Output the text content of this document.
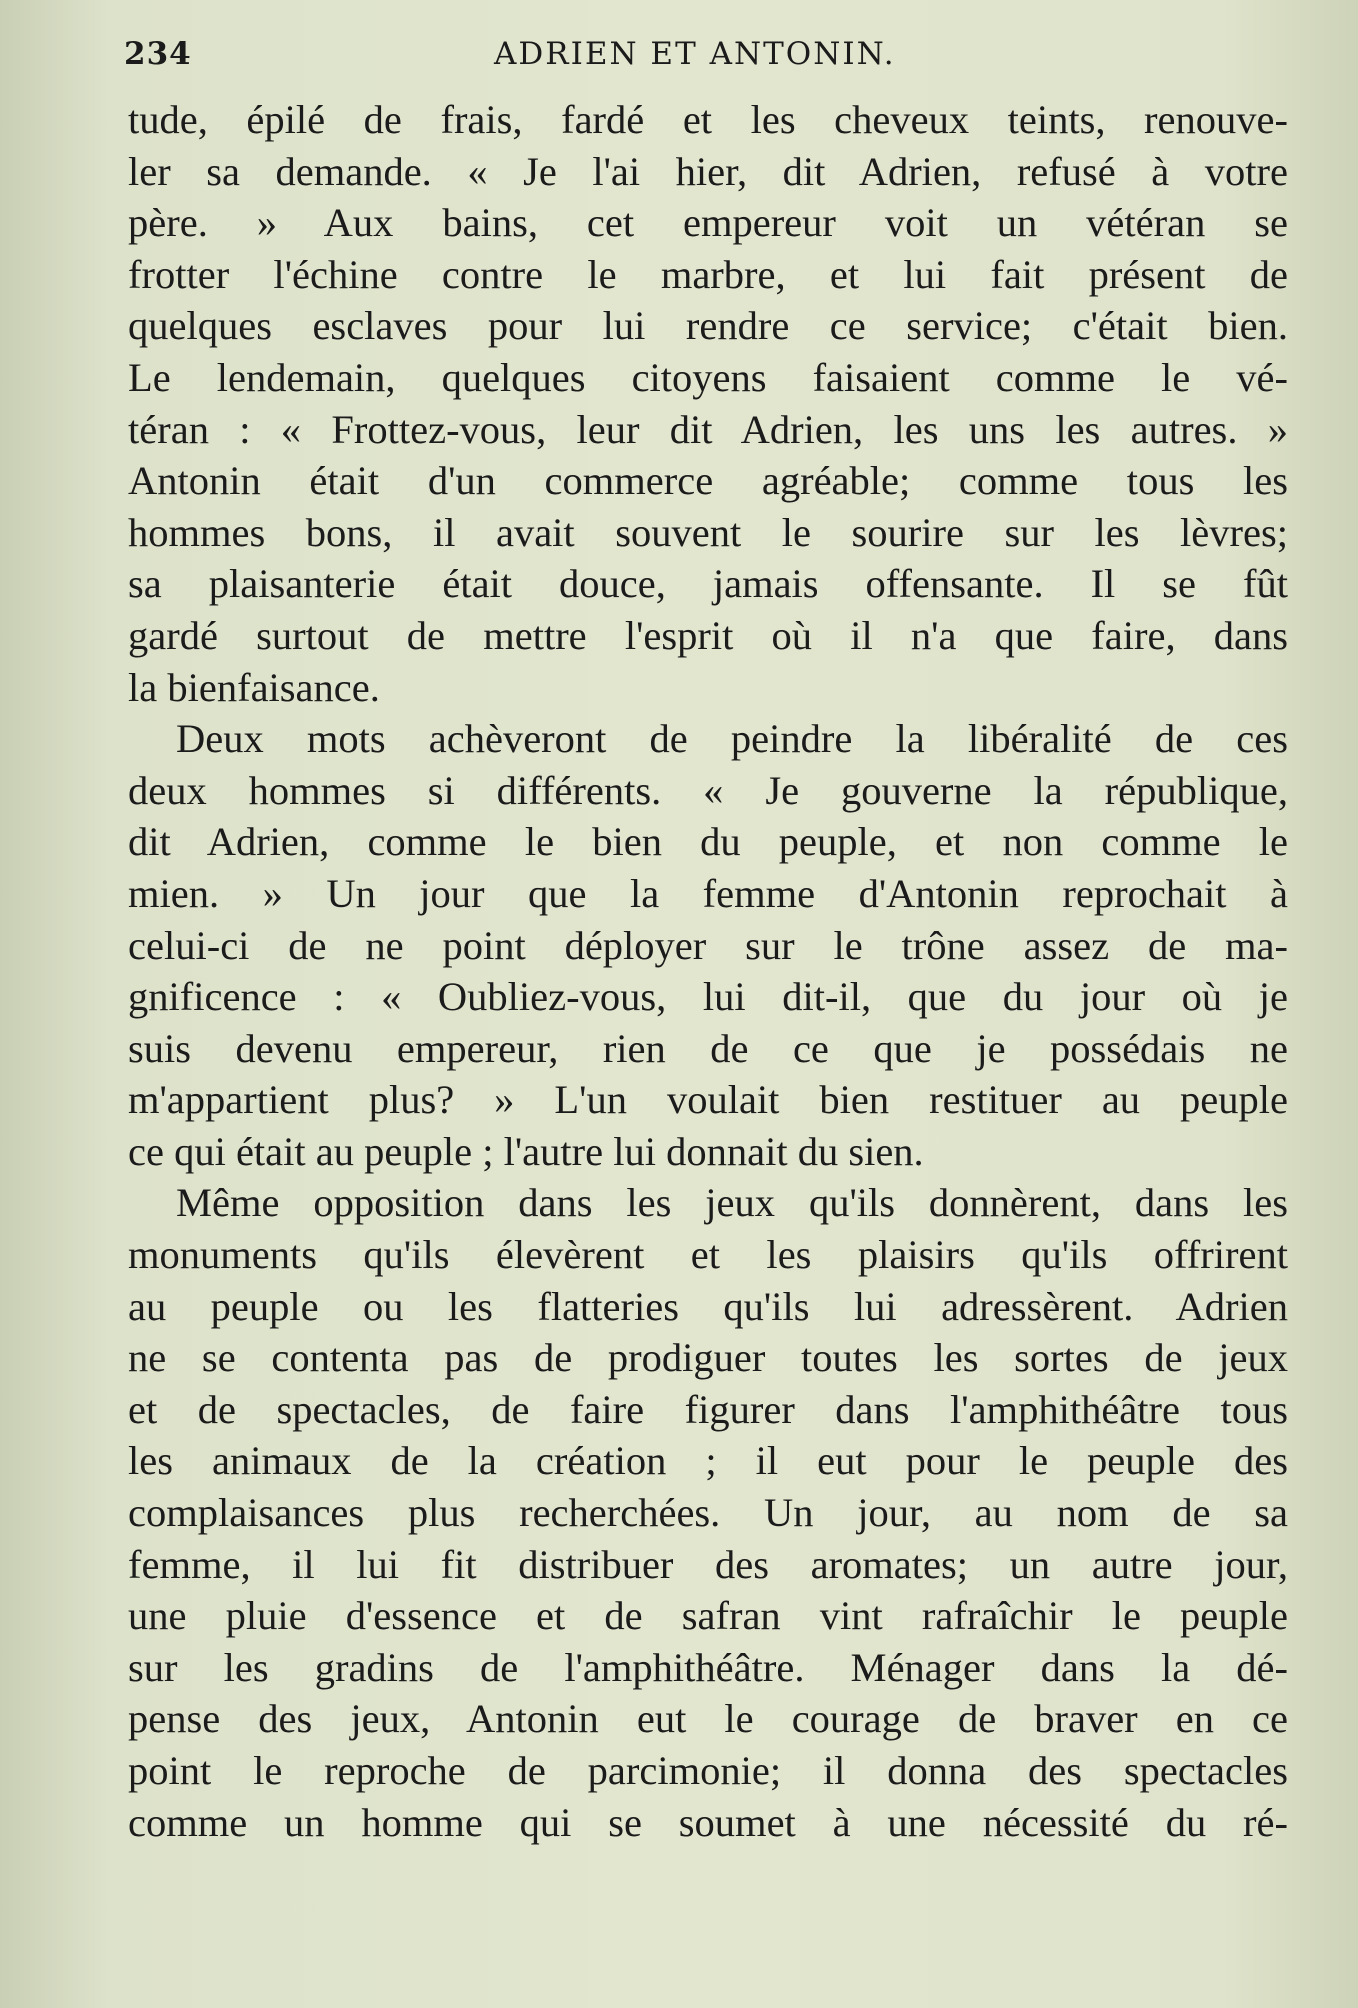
234	ADRIEN ET ANTONIN.
tude, épilé de frais, fardé et les cheveux teints, renouve-
ler sa demande. « Je l'ai hier, dit Adrien, refusé à votre
père. » Aux bains, cet empereur voit un vétéran se
frotter l'échine contre le marbre, et lui fait présent de
quelques esclaves pour lui rendre ce service; c'était bien.
Le lendemain, quelques citoyens faisaient comme le vé-
téran : « Frottez-vous, leur dit Adrien, les uns les autres. »
Antonin était d'un commerce agréable; comme tous les
hommes bons, il avait souvent le sourire sur les lèvres;
sa plaisanterie était douce, jamais offensante. Il se fût
gardé surtout de mettre l'esprit où il n'a que faire, dans
la bienfaisance.
Deux mots achèveront de peindre la libéralité de ces
deux hommes si différents. « Je gouverne la république,
dit Adrien, comme le bien du peuple, et non comme le
mien. » Un jour que la femme d'Antonin reprochait à
celui-ci de ne point déployer sur le trône assez de ma-
gnificence : « Oubliez-vous, lui dit-il, que du jour où je
suis devenu empereur, rien de ce que je possédais ne
m'appartient plus? » L'un voulait bien restituer au peuple
ce qui était au peuple ; l'autre lui donnait du sien.
Même opposition dans les jeux qu'ils donnèrent, dans les
monuments qu'ils élevèrent et les plaisirs qu'ils offrirent
au peuple ou les flatteries qu'ils lui adressèrent. Adrien
ne se contenta pas de prodiguer toutes les sortes de jeux
et de spectacles, de faire figurer dans l'amphithéâtre tous
les animaux de la création ; il eut pour le peuple des
complaisances plus recherchées. Un jour, au nom de sa
femme, il lui fit distribuer des aromates; un autre jour,
une pluie d'essence et de safran vint rafraîchir le peuple
sur les gradins de l'amphithéâtre. Ménager dans la dé-
pense des jeux, Antonin eut le courage de braver en ce
point le reproche de parcimonie; il donna des spectacles
comme un homme qui se soumet à une nécessité du ré-
